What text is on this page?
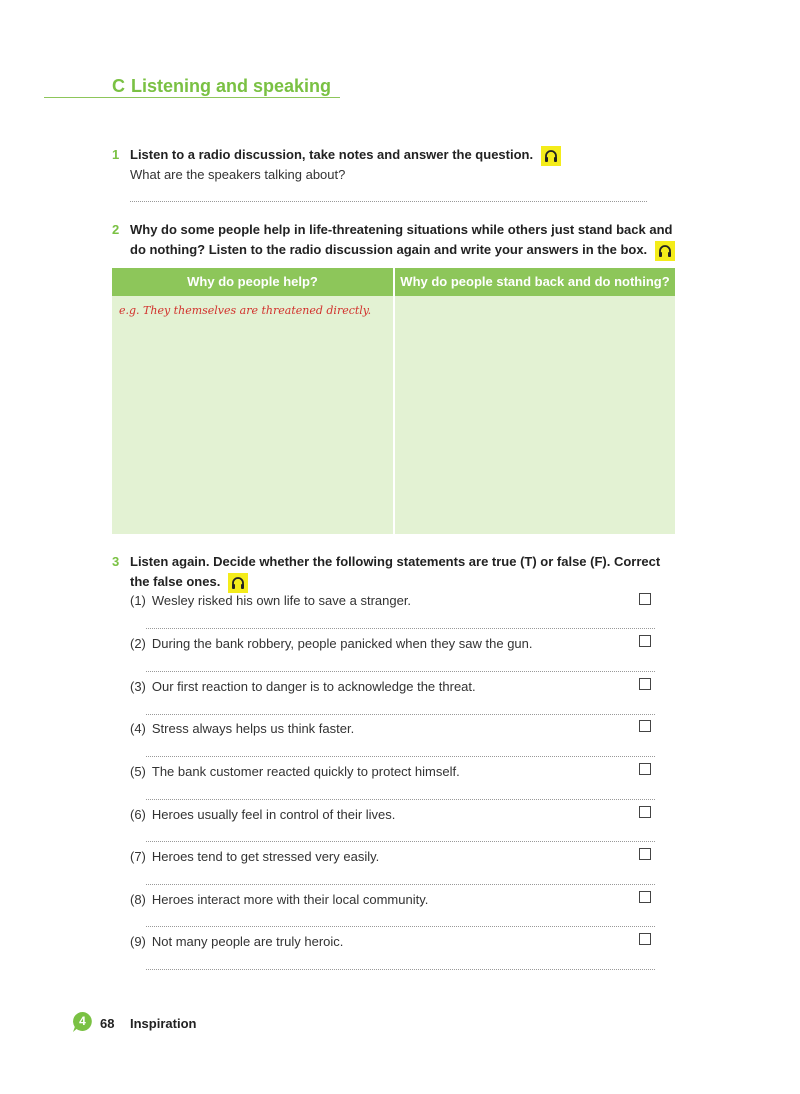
C Listening and speaking
1 Listen to a radio discussion, take notes and answer the question.
What are the speakers talking about?
2 Why do some people help in life-threatening situations while others just stand back and
do nothing? Listen to the radio discussion again and write your answers in the box.
Why do people help?	Why do people stand back and do nothing?
e.g. They themselves are threatened directly.
3 Listen again. Decide whether the following statements are true (T) or false (F). Correct
the false ones.
(1) Wesley risked his own life to save a stranger.
(2) During the bank robbery, people panicked when they saw the gun.
(3) Our first reaction to danger is to acknowledge the threat.
(4) Stress always helps us think faster.
(5) The bank customer reacted quickly to protect himself.
(6) Heroes usually feel in control of their lives.
(7) Heroes tend to get stressed very easily.
(8) Heroes interact more with their local community.
(9) Not many people are truly heroic.
4	68 Inspiration
